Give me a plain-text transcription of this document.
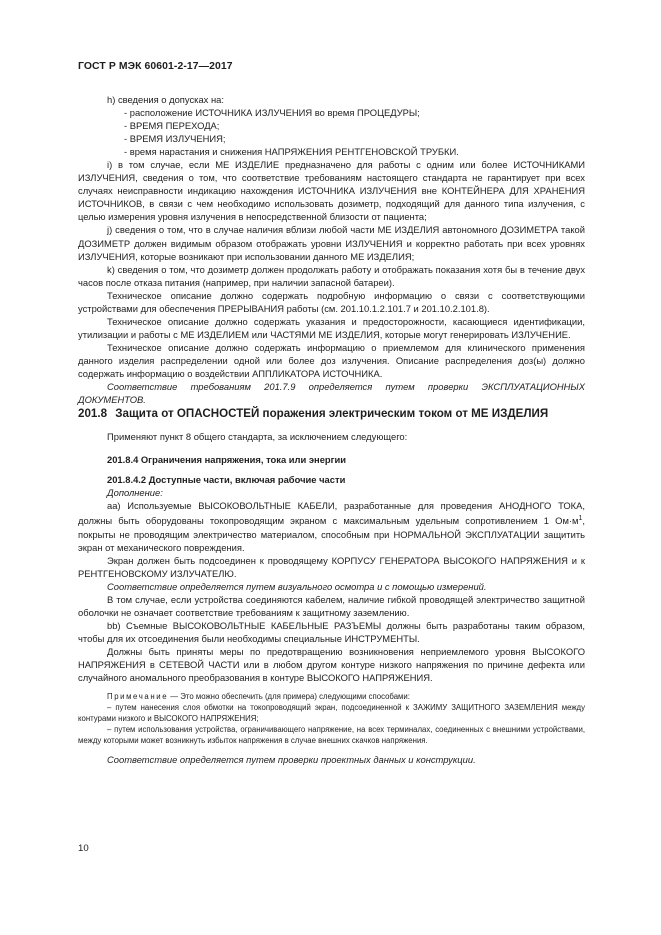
ГОСТ Р МЭК 60601-2-17—2017

h) сведения о допусках на:

- расположение ИСТОЧНИКА ИЗЛУЧЕНИЯ во время ПРОЦЕДУРЫ;

- ВРЕМЯ ПЕРЕХОДА;

- ВРЕМЯ ИЗЛУЧЕНИЯ;

- время нарастания и снижения НАПРЯЖЕНИЯ РЕНТГЕНОВСКОЙ ТРУБКИ.

i) в том случае, если МЕ ИЗДЕЛИЕ предназначено для работы с одним или более ИСТОЧНИКАМИ ИЗЛУЧЕНИЯ, сведения о том, что соответствие требованиям настоящего стандарта не гарантирует при всех случаях неисправности индикацию нахождения ИСТОЧНИКА ИЗЛУЧЕНИЯ вне КОНТЕЙНЕРА ДЛЯ ХРАНЕНИЯ ИСТОЧНИКОВ, в связи с чем необходимо использовать дозиметр, подходящий для данного типа излучения, с целью измерения уровня излучения в непосредственной близости от пациента;

j) сведения о том, что в случае наличия вблизи любой части МЕ ИЗДЕЛИЯ автономного ДОЗИМЕТРА такой ДОЗИМЕТР должен видимым образом отображать уровни ИЗЛУЧЕНИЯ и корректно работать при всех уровнях ИЗЛУЧЕНИЯ, которые возникают при использовании данного МЕ ИЗДЕЛИЯ;

k) сведения о том, что дозиметр должен продолжать работу и отображать показания хотя бы в течение двух часов после отказа питания (например, при наличии запасной батареи).

Техническое описание должно содержать подробную информацию о связи с соответствующими устройствами для обеспечения ПРЕРЫВАНИЯ работы (см. 201.10.1.2.101.7 и 201.10.2.101.8).

Техническое описание должно содержать указания и предосторожности, касающиеся идентификации, утилизации и работы с МЕ ИЗДЕЛИЕМ или ЧАСТЯМИ МЕ ИЗДЕЛИЯ, которые могут генерировать ИЗЛУЧЕНИЕ.

Техническое описание должно содержать информацию о приемлемом для клинического применения данного изделия распределении одной или более доз излучения. Описание распределения доз(ы) должно содержать информацию о воздействии АППЛИКАТОРА ИСТОЧНИКА.

Соответствие требованиям 201.7.9 определяется путем проверки ЭКСПЛУАТАЦИОННЫХ ДОКУМЕНТОВ.

201.8 Защита от ОПАСНОСТЕЙ поражения электрическим током от МЕ ИЗДЕЛИЯ

Применяют пункт 8 общего стандарта, за исключением следующего:

201.8.4 Ограничения напряжения, тока или энергии

201.8.4.2 Доступные части, включая рабочие части

Дополнение:

aa) Используемые ВЫСОКОВОЛЬТНЫЕ КАБЕЛИ, разработанные для проведения АНОДНОГО ТОКА, должны быть оборудованы токопроводящим экраном с максимальным удельным сопротивлением 1 $Ом\cdot м^1$, покрыты не проводящим электричество материалом, способным при НОРМАЛЬНОЙ ЭКСПЛУАТАЦИИ защитить экран от механического повреждения.

Экран должен быть подсоединен к проводящему КОРПУСУ ГЕНЕРАТОРА ВЫСОКОГО НАПРЯЖЕНИЯ и к РЕНТГЕНОВСКОМУ ИЗЛУЧАТЕЛЮ.

Соответствие определяется путем визуального осмотра и с помощью измерений.

В том случае, если устройства соединяются кабелем, наличие гибкой проводящей электричество защитной оболочки не означает соответствие требованиям к защитному заземлению.

bb) Съемные ВЫСОКОВОЛЬТНЫЕ КАБЕЛЬНЫЕ РАЗЪЕМЫ должны быть разработаны таким образом, чтобы для их отсоединения были необходимы специальные ИНСТРУМЕНТЫ.

Должны быть приняты меры по предотвращению возникновения неприемлемого уровня ВЫСОКОГО НАПРЯЖЕНИЯ в СЕТЕВОЙ ЧАСТИ или в любом другом контуре низкого напряжения по причине дефекта или случайного аномального преобразования в контуре ВЫСОКОГО НАПРЯЖЕНИЯ.

Примечание — Это можно обеспечить (для примера) следующими способами:

– путем нанесения слоя обмотки на токопроводящий экран, подсоединенной к ЗАЖИМУ ЗАЩИТНОГО ЗАЗЕМЛЕНИЯ между контурами низкого и ВЫСОКОГО НАПРЯЖЕНИЯ;

– путем использования устройства, ограничивающего напряжение, на всех терминалах, соединенных с внешними устройствами, между которыми может возникнуть избыток напряжения в случае внешних скачков напряжения.

Соответствие определяется путем проверки проектных данных и конструкции.

10
